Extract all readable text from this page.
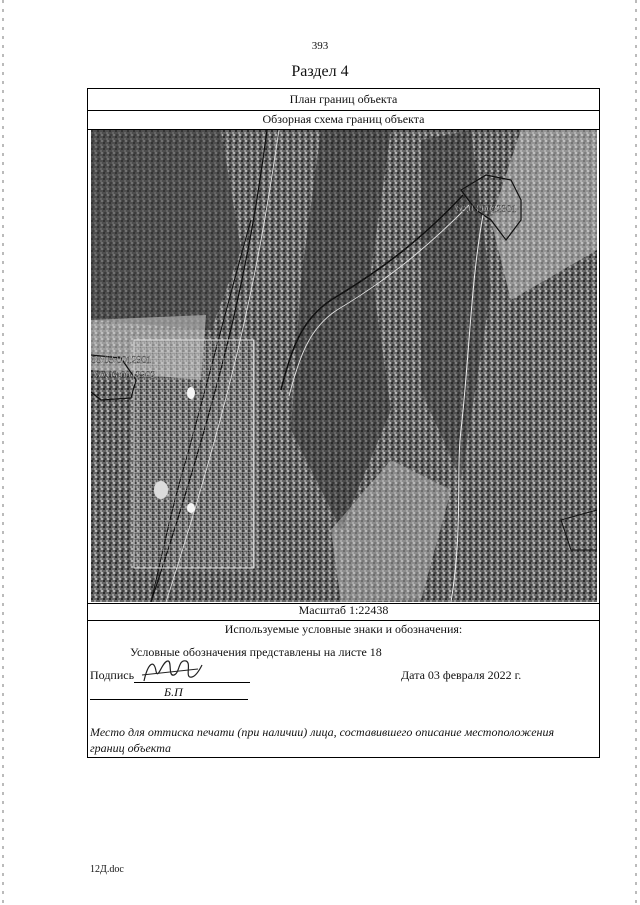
393
Раздел 4
План границ объекта
Обзорная схема границ объекта
60:03:0022301
60:03:0012901
60:03:0012902
Масштаб 1:22438
Используемые условные знаки и обозначения:
Условные обозначения представлены на листе 18
Подпись
Б.П
Дата 03 февраля 2022 г.
Место для оттиска печати (при наличии) лица, составившего описание местоположения границ объекта
12Д.doc
